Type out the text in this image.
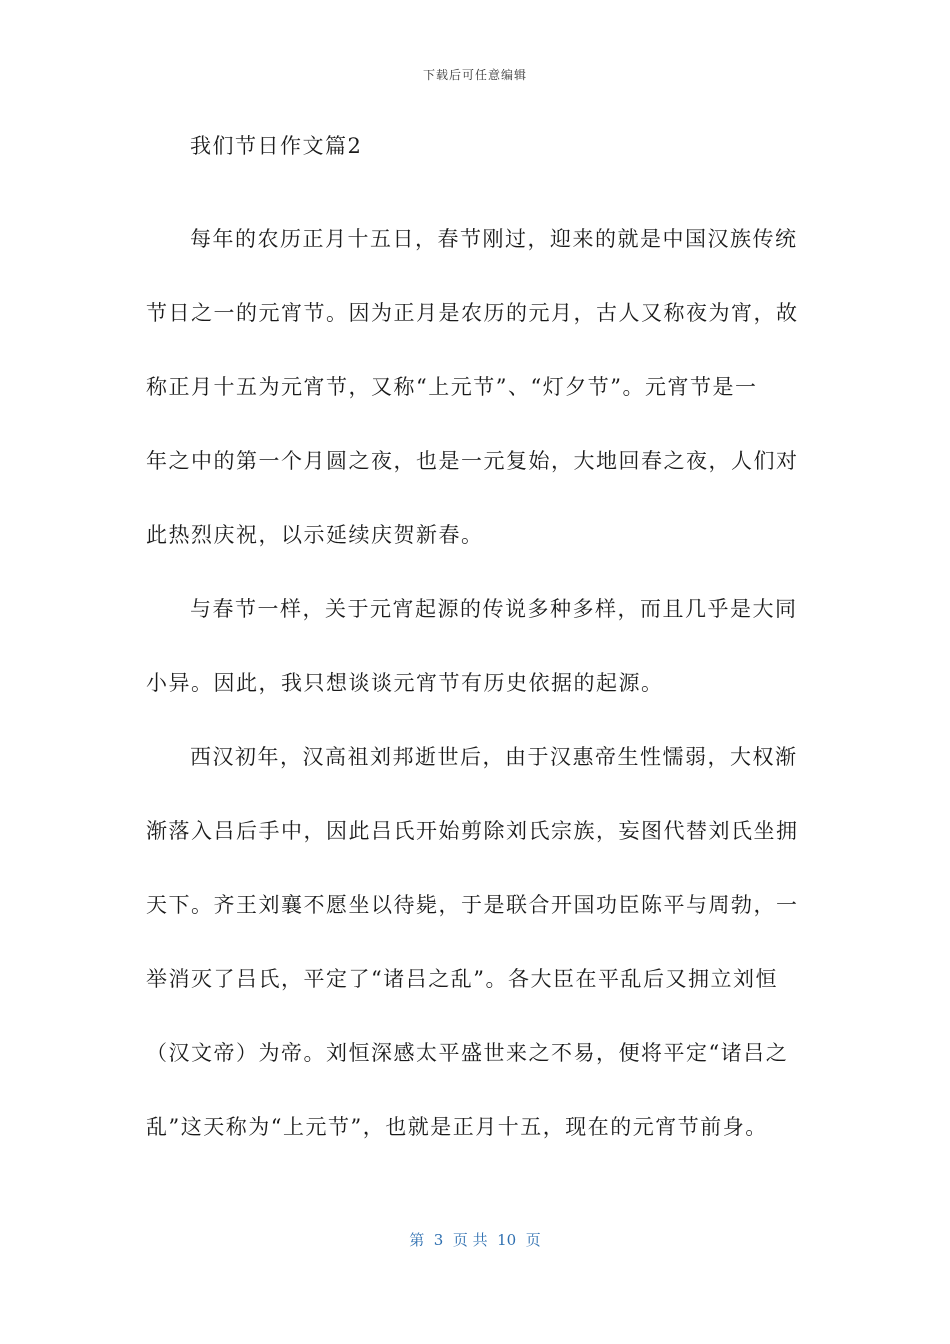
下载后可任意编辑
我们节日作文篇2
每年的农历正月十五日，春节刚过，迎来的就是中国汉族传统
节日之一的元宵节。因为正月是农历的元月，古人又称夜为宵，故
称正月十五为元宵节，又称“上元节”、“灯夕节”。元宵节是一
年之中的第一个月圆之夜，也是一元复始，大地回春之夜，人们对
此热烈庆祝，以示延续庆贺新春。
与春节一样，关于元宵起源的传说多种多样，而且几乎是大同
小异。因此，我只想谈谈元宵节有历史依据的起源。
西汉初年，汉高祖刘邦逝世后，由于汉惠帝生性懦弱，大权渐
渐落入吕后手中，因此吕氏开始剪除刘氏宗族，妄图代替刘氏坐拥
天下。齐王刘襄不愿坐以待毙，于是联合开国功臣陈平与周勃，一
举消灭了吕氏，平定了“诸吕之乱”。各大臣在平乱后又拥立刘恒
（汉文帝）为帝。刘恒深感太平盛世来之不易，便将平定“诸吕之
乱”这天称为“上元节”，也就是正月十五，现在的元宵节前身。
第  3  页 共  10  页
